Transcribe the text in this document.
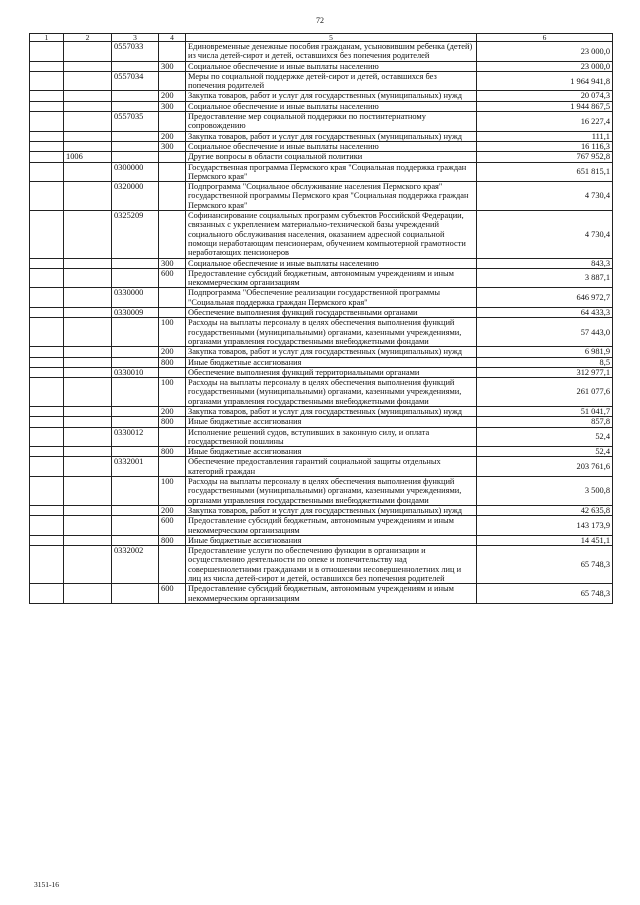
72
1	2	3	4	5	6
		0557033		Единовременные денежные пособия гражданам, усыновившим ребенка (детей) из числа детей-сирот и детей, оставшихся без попечения родителей	23 000,0
			300	Социальное обеспечение и иные выплаты населению	23 000,0
		0557034		Меры по социальной поддержке детей-сирот и детей, оставшихся без попечения родителей	1 964 941,8
			200	Закупка товаров, работ и услуг для государственных (муниципальных) нужд	20 074,3
			300	Социальное обеспечение и иные выплаты населению	1 944 867,5
		0557035		Предоставление мер социальной поддержки по постинтернатному сопровождению	16 227,4
			200	Закупка товаров, работ и услуг для государственных (муниципальных) нужд	111,1
			300	Социальное обеспечение и иные выплаты населению	16 116,3
	1006			Другие вопросы в области социальной политики	767 952,8
		0300000		Государственная программа Пермского края "Социальная поддержка граждан Пермского края"	651 815,1
		0320000		Подпрограмма "Социальное обслуживание населения Пермского края" государственной программы Пермского края "Социальная поддержка граждан Пермского края"	4 730,4
		0325209		Софинансирование социальных программ субъектов Российской Федерации, связанных с укреплением материально-технической базы учреждений социального обслуживания населения, оказанием адресной социальной помощи неработающим пенсионерам, обучением компьютерной грамотности неработающих пенсионеров	4 730,4
			300	Социальное обеспечение и иные выплаты населению	843,3
			600	Предоставление субсидий бюджетным, автономным учреждениям и иным некоммерческим организациям	3 887,1
		0330000		Подпрограмма "Обеспечение реализации государственной программы "Социальная поддержка граждан Пермского края"	646 972,7
		0330009		Обеспечение выполнения функций государственными органами	64 433,3
			100	Расходы на выплаты персоналу в целях обеспечения выполнения функций государственными (муниципальными) органами, казенными учреждениями, органами управления государственными внебюджетными фондами	57 443,0
			200	Закупка товаров, работ и услуг для государственных (муниципальных) нужд	6 981,9
			800	Иные бюджетные ассигнования	8,5
		0330010		Обеспечение выполнения функций территориальными органами	312 977,1
			100	Расходы на выплаты персоналу в целях обеспечения выполнения функций государственными (муниципальными) органами, казенными учреждениями, органами управления государственными внебюджетными фондами	261 077,6
			200	Закупка товаров, работ и услуг для государственных (муниципальных) нужд	51 041,7
			800	Иные бюджетные ассигнования	857,8
		0330012		Исполнение решений судов, вступивших в законную силу, и оплата государственной пошлины	52,4
			800	Иные бюджетные ассигнования	52,4
		0332001		Обеспечение предоставления гарантий социальной защиты отдельных категорий граждан	203 761,6
			100	Расходы на выплаты персоналу в целях обеспечения выполнения функций государственными (муниципальными) органами, казенными учреждениями, органами управления государственными внебюджетными фондами	3 500,8
			200	Закупка товаров, работ и услуг для государственных (муниципальных) нужд	42 635,8
			600	Предоставление субсидий бюджетным, автономным учреждениям и иным некоммерческим организациям	143 173,9
			800	Иные бюджетные ассигнования	14 451,1
		0332002		Предоставление услуги по обеспечению функции в организации и осуществлению деятельности по опеке и попечительству над совершеннолетними гражданами и в отношении несовершеннолетних лиц и лиц из числа детей-сирот и детей, оставшихся без попечения родителей	65 748,3
			600	Предоставление субсидий бюджетным, автономным учреждениям и иным некоммерческим организациям	65 748,3
3151-16
